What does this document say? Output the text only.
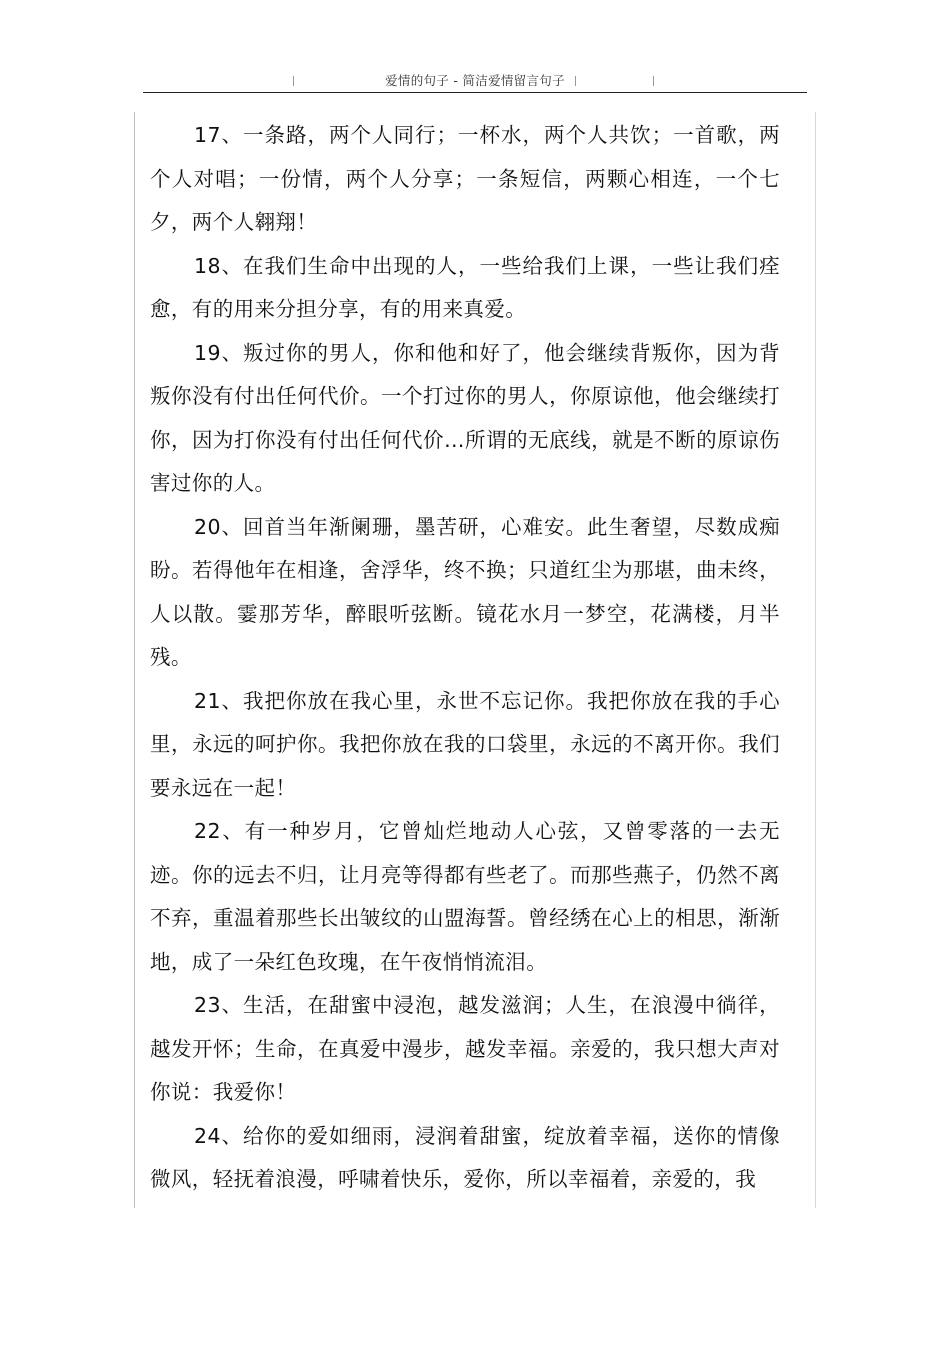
爱情的句子 - 简洁爱情留言句子

17、一条路，两个人同行；一杯水，两个人共饮；一首歌，两个人对唱；一份情，两个人分享；一条短信，两颗心相连，一个七夕，两个人翱翔！

18、在我们生命中出现的人，一些给我们上课，一些让我们痊愈，有的用来分担分享，有的用来真爱。

19、叛过你的男人，你和他和好了，他会继续背叛你，因为背叛你没有付出任何代价。一个打过你的男人，你原谅他，他会继续打你，因为打你没有付出任何代价…所谓的无底线，就是不断的原谅伤害过你的人。

20、回首当年渐阑珊，墨苦研，心难安。此生奢望，尽数成痴盼。若得他年在相逢，舍浮华，终不换；只道红尘为那堪，曲未终，人以散。霎那芳华，醉眼听弦断。镜花水月一梦空，花满楼，月半残。

21、我把你放在我心里，永世不忘记你。我把你放在我的手心里，永远的呵护你。我把你放在我的口袋里，永远的不离开你。我们要永远在一起！

22、有一种岁月，它曾灿烂地动人心弦，又曾零落的一去无迹。你的远去不归，让月亮等得都有些老了。而那些燕子，仍然不离不弃，重温着那些长出皱纹的山盟海誓。曾经绣在心上的相思，渐渐地，成了一朵红色玫瑰，在午夜悄悄流泪。

23、生活，在甜蜜中浸泡，越发滋润；人生，在浪漫中徜徉，越发开怀；生命，在真爱中漫步，越发幸福。亲爱的，我只想大声对你说：我爱你！

24、给你的爱如细雨，浸润着甜蜜，绽放着幸福，送你的情像微风，轻抚着浪漫，呼啸着快乐，爱你，所以幸福着，亲爱的，我
